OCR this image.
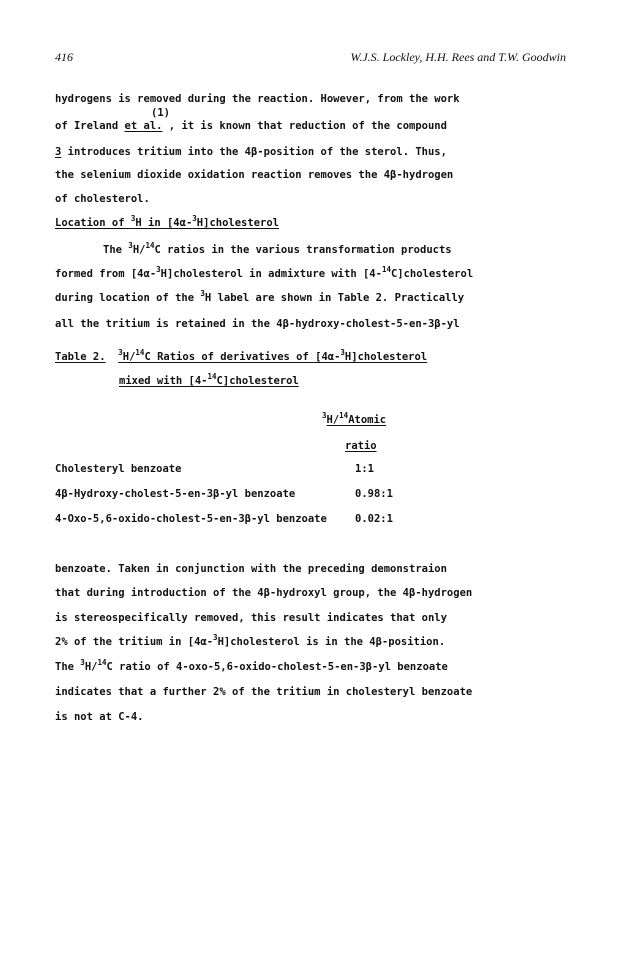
416	W.J.S. Lockley, H.H. Rees and T.W. Goodwin
hydrogens is removed during the reaction. However, from the work
(1)
of Ireland et al. , it is known that reduction of the compound
3 introduces tritium into the 4β-position of the sterol. Thus,
the selenium dioxide oxidation reaction removes the 4β-hydrogen
of cholesterol.
Location of $^3$H in [4α-$^3$H]cholesterol
The $^3$H/$^{14}$C ratios in the various transformation products
formed from [4α-$^3$H]cholesterol in admixture with [4-$^{14}$C]cholesterol
during location of the $^3$H label are shown in Table 2. Practically
all the tritium is retained in the 4β-hydroxy-cholest-5-en-3β-yl
Table 2. $^3$H/$^{14}$C Ratios of derivatives of [4α-$^3$H]cholesterol
mixed with [4-$^{14}$C]cholesterol
$^3$H/$^{14}$Atomic
ratio
Cholesteryl benzoate	1:1
4β-Hydroxy-cholest-5-en-3β-yl benzoate	0.98:1
4-Oxo-5,6-oxido-cholest-5-en-3β-yl benzoate	0.02:1
benzoate. Taken in conjunction with the preceding demonstraion
that during introduction of the 4β-hydroxyl group, the 4β-hydrogen
is stereospecifically removed, this result indicates that only
2% of the tritium in [4α-$^3$H]cholesterol is in the 4β-position.
The $^3$H/$^{14}$C ratio of 4-oxo-5,6-oxido-cholest-5-en-3β-yl benzoate
indicates that a further 2% of the tritium in cholesteryl benzoate
is not at C-4.
